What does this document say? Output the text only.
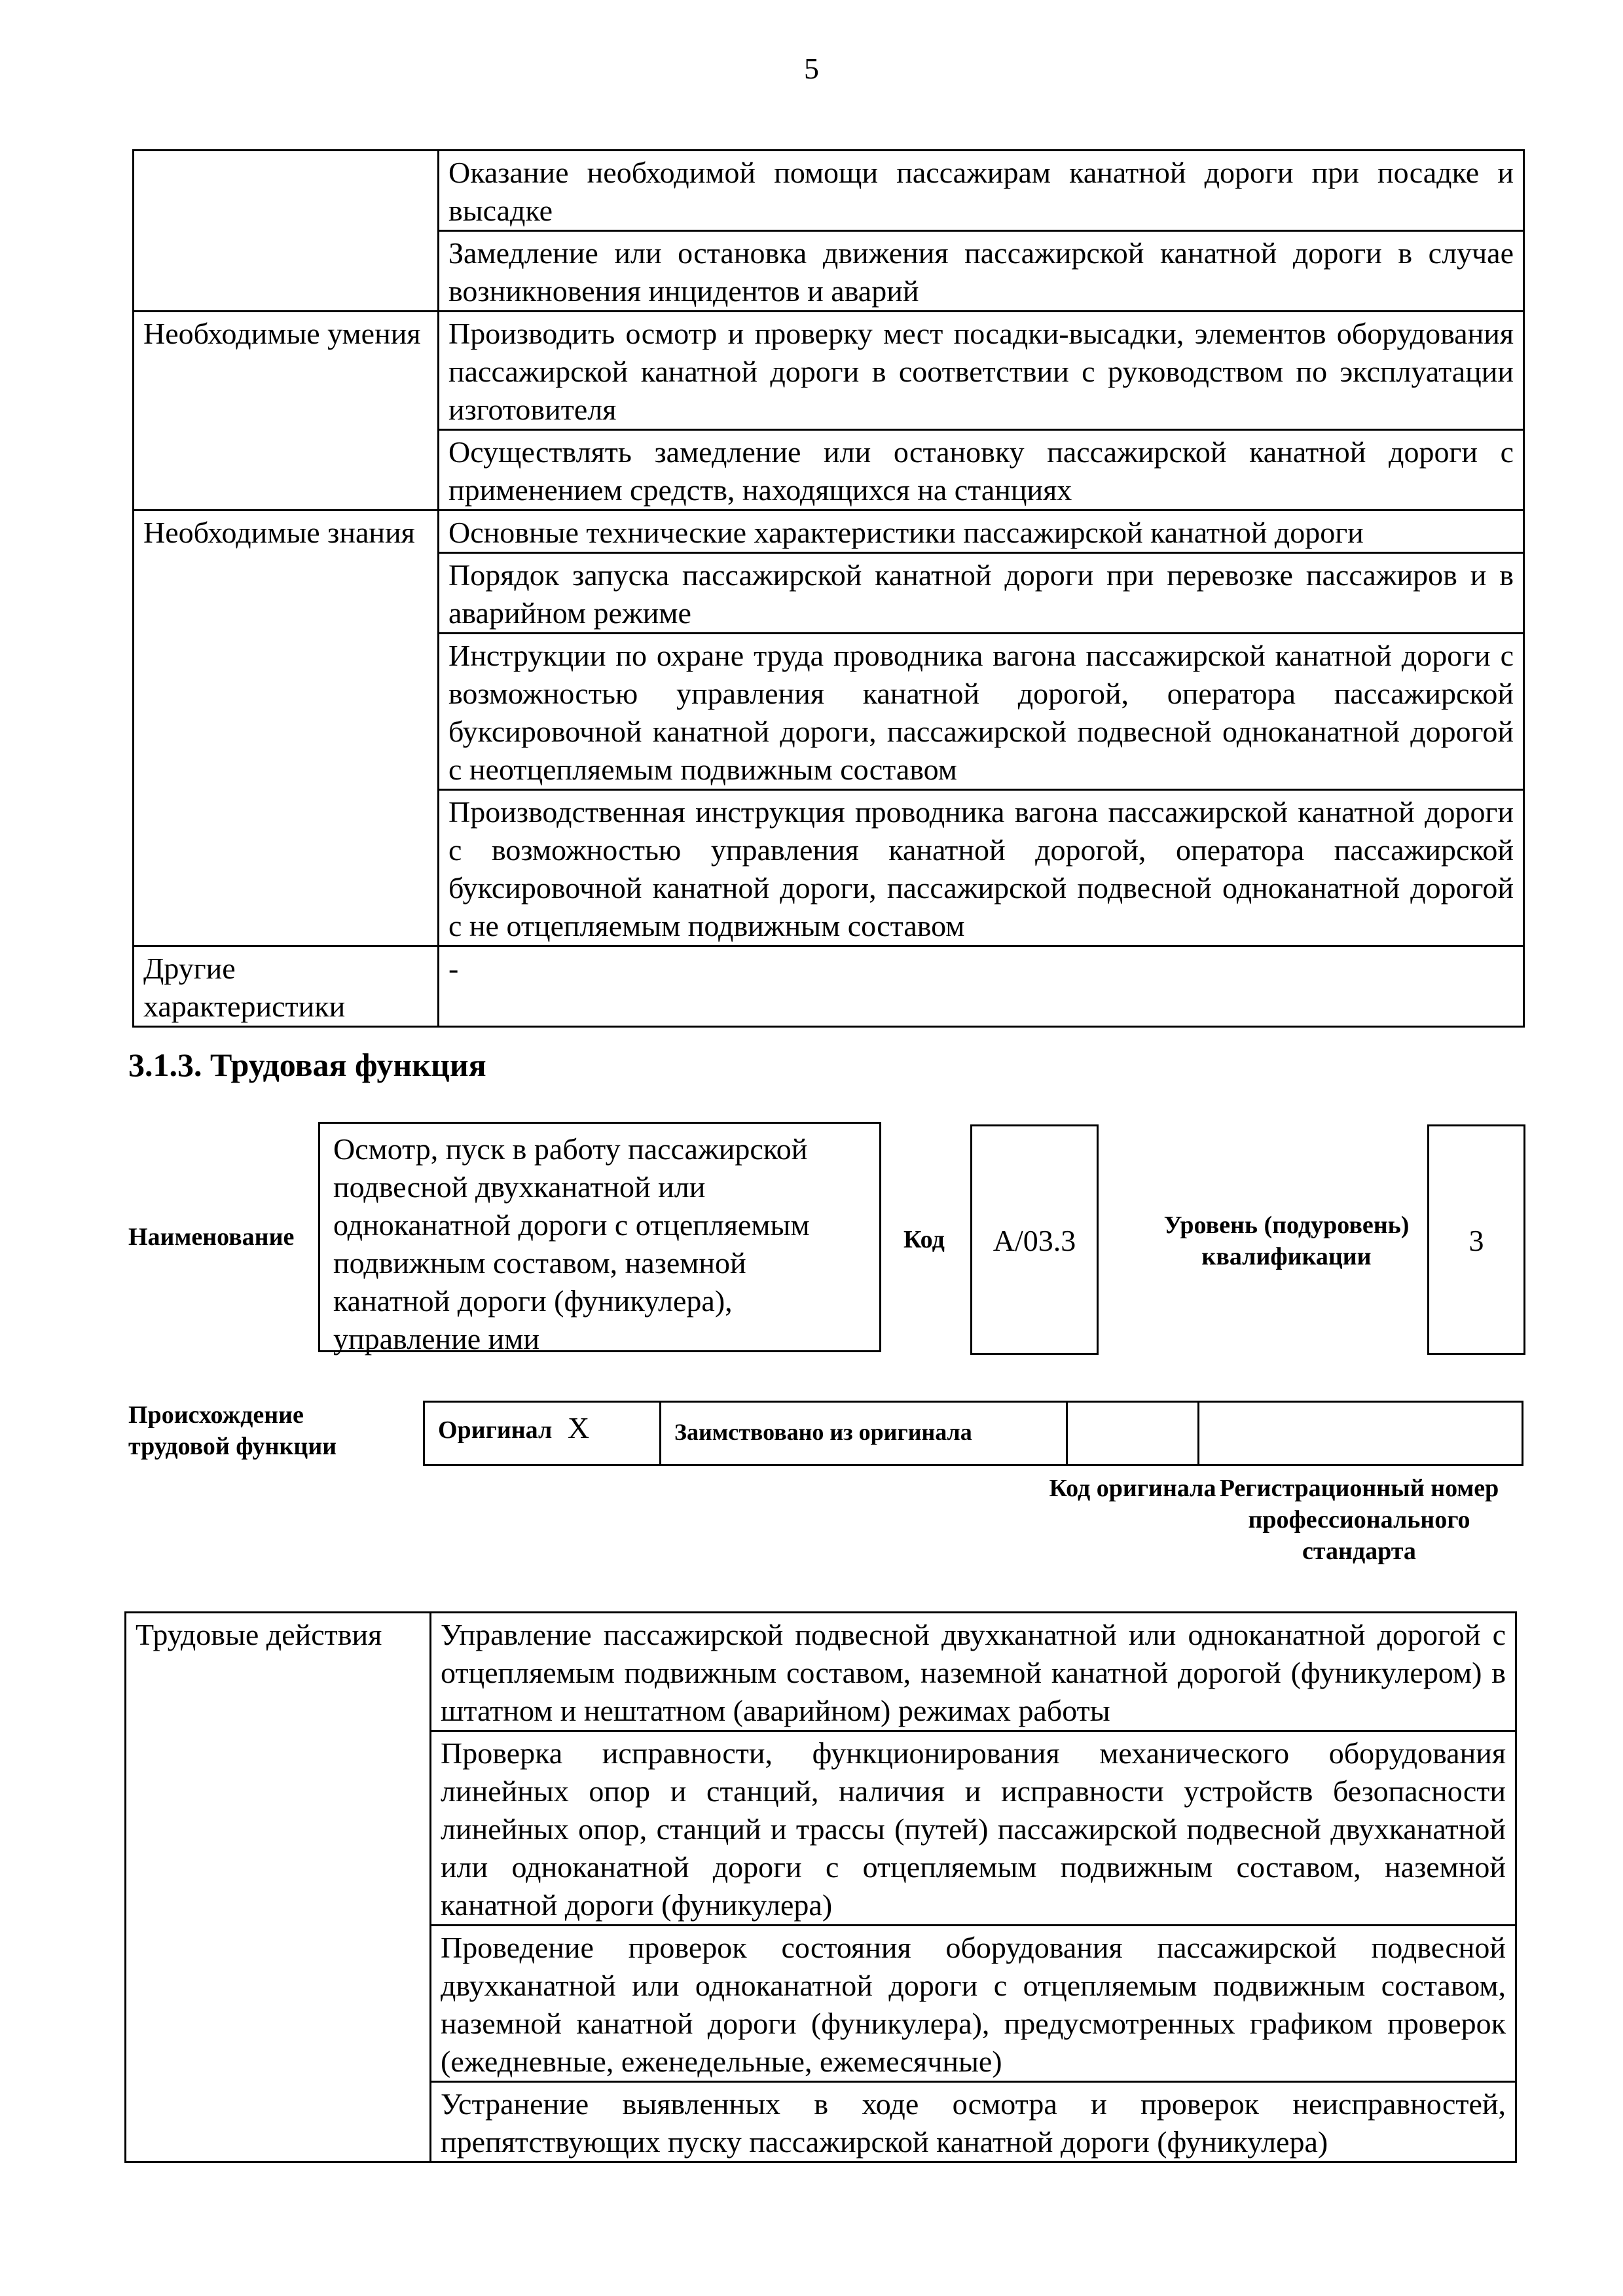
5
	Оказание необходимой помощи пассажирам канатной дороги при посадке и высадке
	Замедление или остановка движения пассажирской канатной дороги в случае возникновения инцидентов и аварий
Необходимые умения	Производить осмотр и проверку мест посадки-высадки, элементов оборудования пассажирской канатной дороги в соответствии с руководством по эксплуатации изготовителя
	Осуществлять замедление или остановку пассажирской канатной дороги с применением средств, находящихся на станциях
Необходимые знания	Основные технические характеристики пассажирской канатной дороги
	Порядок запуска пассажирской канатной дороги при перевозке пассажиров и в аварийном режиме
	Инструкции по охране труда проводника вагона пассажирской канатной дороги с возможностью управления канатной дорогой, оператора пассажирской буксировочной канатной дороги, пассажирской подвесной одноканатной дорогой с неотцепляемым подвижным составом
	Производственная инструкция проводника вагона пассажирской канатной дороги с возможностью управления канатной дорогой, оператора пассажирской буксировочной канатной дороги, пассажирской подвесной одноканатной дорогой с не отцепляемым подвижным составом
Другие характеристики	-
3.1.3. Трудовая функция
Наименование
Осмотр, пуск в работу пассажирской подвесной двухканатной или одноканатной дороги с отцепляемым подвижным составом, наземной канатной дороги (фуникулера), управление ими
Код	А/03.3	Уровень (подуровень) квалификации	3
Происхождение трудовой функции
Оригинал X	Заимствовано из оригинала
Код оригинала Регистрационный номер профессионального стандарта
Трудовые действия	Управление пассажирской подвесной двухканатной или одноканатной дорогой с отцепляемым подвижным составом, наземной канатной дорогой (фуникулером) в штатном и нештатном (аварийном) режимах работы
Проверка исправности, функционирования механического оборудования линейных опор и станций, наличия и исправности устройств безопасности линейных опор, станций и трассы (путей) пассажирской подвесной двухканатной или одноканатной дороги с отцепляемым подвижным составом, наземной канатной дороги (фуникулера)
Проведение проверок состояния оборудования пассажирской подвесной двухканатной или одноканатной дороги с отцепляемым подвижным составом, наземной канатной дороги (фуникулера), предусмотренных графиком проверок (ежедневные, еженедельные, ежемесячные)
Устранение выявленных в ходе осмотра и проверок неисправностей, препятствующих пуску пассажирской канатной дороги (фуникулера)
